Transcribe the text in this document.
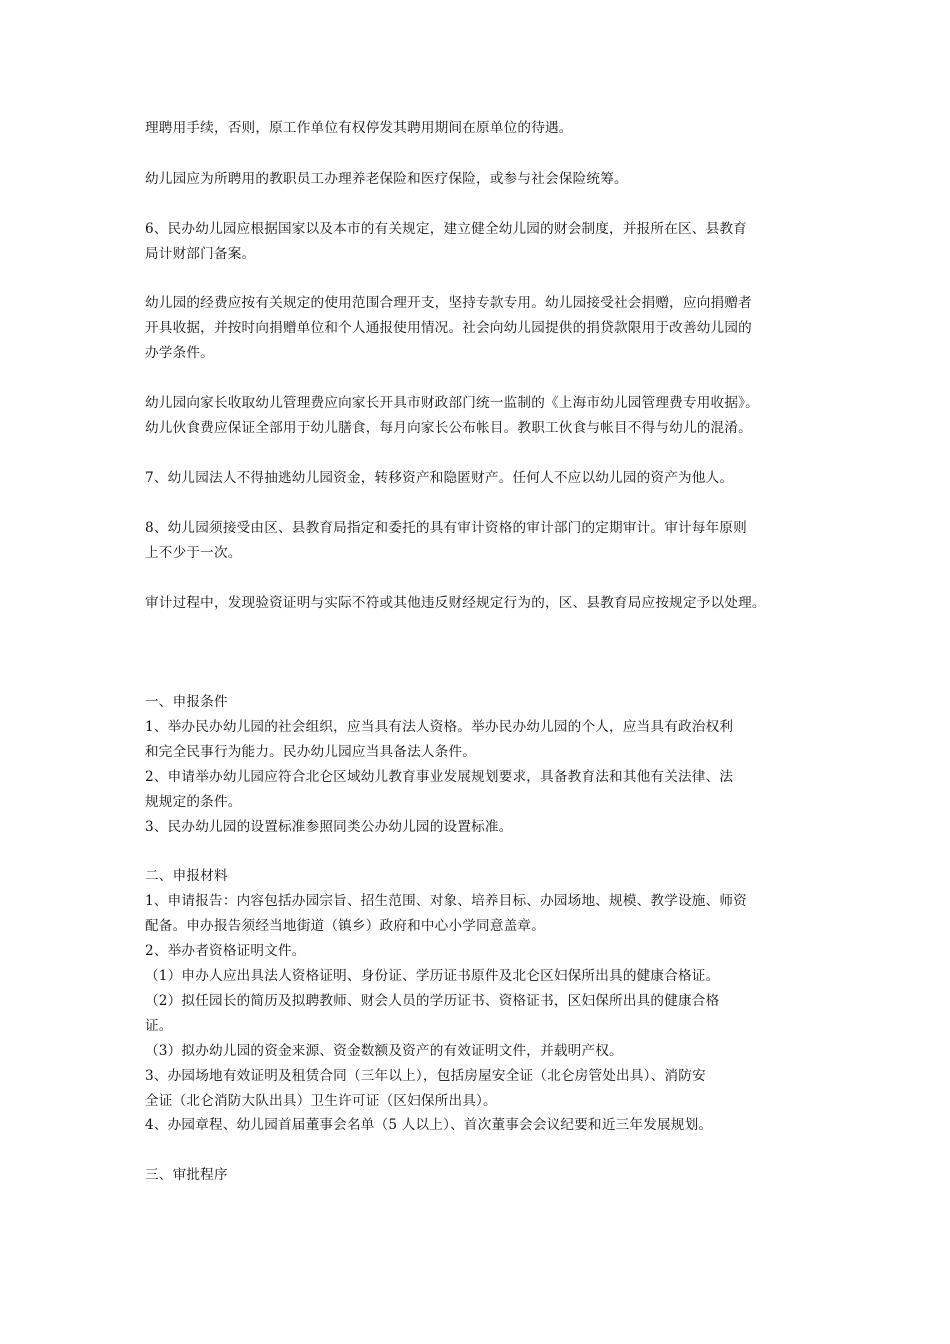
理聘用手续，否则，原工作单位有权停发其聘用期间在原单位的待遇。

幼儿园应为所聘用的教职员工办理养老保险和医疗保险，或参与社会保险统筹。

6、民办幼儿园应根据国家以及本市的有关规定，建立健全幼儿园的财会制度，并报所在区、县教育
局计财部门备案。

幼儿园的经费应按有关规定的使用范围合理开支，坚持专款专用。幼儿园接受社会捐赠，应向捐赠者
开具收据，并按时向捐赠单位和个人通报使用情况。社会向幼儿园提供的捐贷款限用于改善幼儿园的
办学条件。

幼儿园向家长收取幼儿管理费应向家长开具市财政部门统一监制的《上海市幼儿园管理费专用收据》。
幼儿伙食费应保证全部用于幼儿膳食，每月向家长公布帐目。教职工伙食与帐目不得与幼儿的混淆。

7、幼儿园法人不得抽逃幼儿园资金，转移资产和隐匿财产。任何人不应以幼儿园的资产为他人。

8、幼儿园须接受由区、县教育局指定和委托的具有审计资格的审计部门的定期审计。审计每年原则
上不少于一次。

审计过程中，发现验资证明与实际不符或其他违反财经规定行为的，区、县教育局应按规定予以处理。

一、申报条件

1、举办民办幼儿园的社会组织，应当具有法人资格。举办民办幼儿园的个人，应当具有政治权利
和完全民事行为能力。民办幼儿园应当具备法人条件。

2、申请举办幼儿园应符合北仑区域幼儿教育事业发展规划要求，具备教育法和其他有关法律、法
规规定的条件。

3、民办幼儿园的设置标准参照同类公办幼儿园的设置标准。

二、申报材料

1、申请报告：内容包括办园宗旨、招生范围、对象、培养目标、办园场地、规模、教学设施、师资
配备。申办报告须经当地街道（镇乡）政府和中心小学同意盖章。

2、举办者资格证明文件。

（1）申办人应出具法人资格证明、身份证、学历证书原件及北仑区妇保所出具的健康合格证。

（2）拟任园长的简历及拟聘教师、财会人员的学历证书、资格证书，区妇保所出具的健康合格
证。

（3）拟办幼儿园的资金来源、资金数额及资产的有效证明文件，并载明产权。

3、办园场地有效证明及租赁合同（三年以上），包括房屋安全证（北仑房管处出具）、消防安
全证（北仑消防大队出具）卫生许可证（区妇保所出具）。

4、办园章程、幼儿园首届董事会名单（5 人以上）、首次董事会会议纪要和近三年发展规划。

三、审批程序
